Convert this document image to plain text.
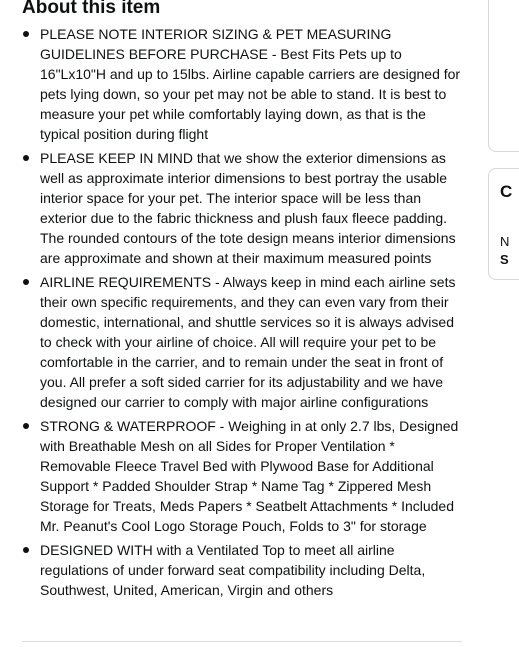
About this item
PLEASE NOTE INTERIOR SIZING & PET MEASURING GUIDELINES BEFORE PURCHASE - Best Fits Pets up to 16"Lx10"H and up to 15lbs. Airline capable carriers are designed for pets lying down, so your pet may not be able to stand. It is best to measure your pet while comfortably laying down, as that is the typical position during flight
PLEASE KEEP IN MIND that we show the exterior dimensions as well as approximate interior dimensions to best portray the usable interior space for your pet. The interior space will be less than exterior due to the fabric thickness and plush faux fleece padding. The rounded contours of the tote design means interior dimensions are approximate and shown at their maximum measured points
AIRLINE REQUIREMENTS - Always keep in mind each airline sets their own specific requirements, and they can even vary from their domestic, international, and shuttle services so it is always advised to check with your airline of choice. All will require your pet to be comfortable in the carrier, and to remain under the seat in front of you. All prefer a soft sided carrier for its adjustability and we have designed our carrier to comply with major airline configurations
STRONG & WATERPROOF - Weighing in at only 2.7 lbs, Designed with Breathable Mesh on all Sides for Proper Ventilation * Removable Fleece Travel Bed with Plywood Base for Additional Support * Padded Shoulder Strap * Name Tag * Zippered Mesh Storage for Treats, Meds Papers * Seatbelt Attachments * Included Mr. Peanut's Cool Logo Storage Pouch, Folds to 3" for storage
DESIGNED WITH with a Ventilated Top to meet all airline regulations of under forward seat compatibility including Delta, Southwest, United, American, Virgin and others
C
N
S
